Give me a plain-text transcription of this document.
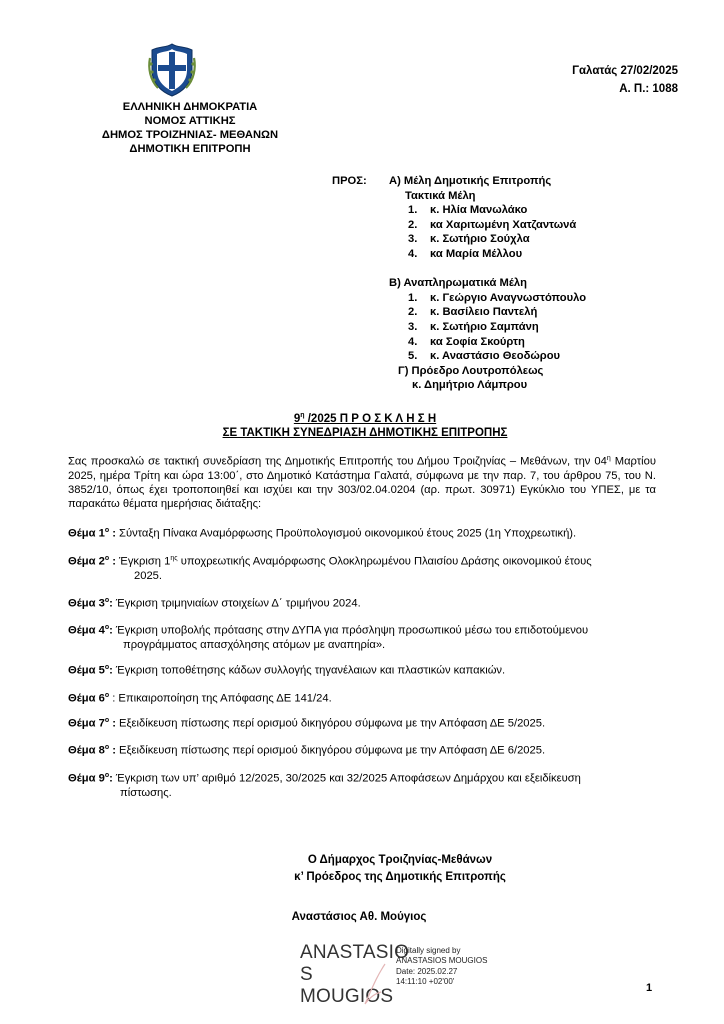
ΕΛΛΗΝΙΚΗ ΔΗΜΟΚΡΑΤΙΑ
ΝΟΜΟΣ ΑΤΤΙΚΗΣ
ΔΗΜΟΣ ΤΡΟΙΖΗΝΙΑΣ- ΜΕΘΑΝΩΝ
ΔΗΜΟΤΙΚΗ ΕΠΙΤΡΟΠΗ
Γαλατάς 27/02/2025
Α. Π.: 1088
ΠΡΟΣ: Α) Μέλη Δημοτικής Επιτροπής
Τακτικά Μέλη
1. κ. Ηλία Μανωλάκο
2. κα Χαριτωμένη Χατζαντωνά
3. κ. Σωτήριο Σούχλα
4. κα Μαρία Μέλλου
Β) Αναπληρωματικά Μέλη
1. κ. Γεώργιο Αναγνωστόπουλο
2. κ. Βασίλειο Παντελή
3. κ. Σωτήριο Σαμπάνη
4. κα Σοφία Σκούρτη
5. κ. Αναστάσιο Θεοδώρου
Γ) Πρόεδρο Λουτροπόλεως
κ. Δημήτριο Λάμπρου
$9^\eta$ /2025 Π Ρ Ο Σ Κ Λ Η Σ Η
ΣΕ ΤΑΚΤΙΚΗ ΣΥΝΕΔΡΙΑΣΗ ΔΗΜΟΤΙΚΗΣ ΕΠΙΤΡΟΠΗΣ
Σας προσκαλώ σε τακτική συνεδρίαση της Δημοτικής Επιτροπής του Δήμου Τροιζηνίας – Μεθάνων, την $04^\eta$ Μαρτίου 2025, ημέρα Τρίτη και ώρα 13:00΄, στο Δημοτικό Κατάστημα Γαλατά, σύμφωνα με την παρ. 7, του άρθρου 75, του Ν. 3852/10, όπως έχει τροποποιηθεί και ισχύει και την 303/02.04.0204 (αρ. πρωτ. 30971) Εγκύκλιο του ΥΠΕΣ, με τα παρακάτω θέματα ημερήσιας διάταξης:
Θέμα $1^o$ : Σύνταξη Πίνακα Αναμόρφωσης Προϋπολογισμού οικονομικού έτους 2025 (1η Υποχρεωτική).
Θέμα $2^o$ : Έγκριση $1^{\eta\varsigma}$ υποχρεωτικής Αναμόρφωσης Ολοκληρωμένου Πλαισίου Δράσης οικονομικού έτους
2025.
Θέμα $3^o$: Έγκριση τριμηνιαίων στοιχείων Δ΄ τριμήνου 2024.
Θέμα $4^o$: Έγκριση υποβολής πρότασης στην ΔΥΠΑ για πρόσληψη προσωπικού μέσω του επιδοτούμενου
προγράμματος απασχόλησης ατόμων με αναπηρία».
Θέμα $5^o$: Έγκριση τοποθέτησης κάδων συλλογής τηγανέλαιων και πλαστικών καπακιών.
Θέμα $6^o$ : Επικαιροποίηση της Απόφασης ΔΕ 141/24.
Θέμα $7^o$ : Εξειδίκευση πίστωσης περί ορισμού δικηγόρου σύμφωνα με την Απόφαση ΔΕ 5/2025.
Θέμα $8^o$ : Εξειδίκευση πίστωσης περί ορισμού δικηγόρου σύμφωνα με την Απόφαση ΔΕ 6/2025.
Θέμα $9^o$: Έγκριση των υπ’ αριθμό 12/2025, 30/2025 και 32/2025 Αποφάσεων Δημάρχου και εξειδίκευση
πίστωσης.
Ο Δήμαρχος Τροιζηνίας-Μεθάνων
κ’ Πρόεδρος της Δημοτικής Επιτροπής
Αναστάσιος Αθ. Μούγιος
ANASTASIO
S MOUGIOS
Digitally signed by
ANASTASIOS MOUGIOS
Date: 2025.02.27
14:11:10 +02'00'
1
